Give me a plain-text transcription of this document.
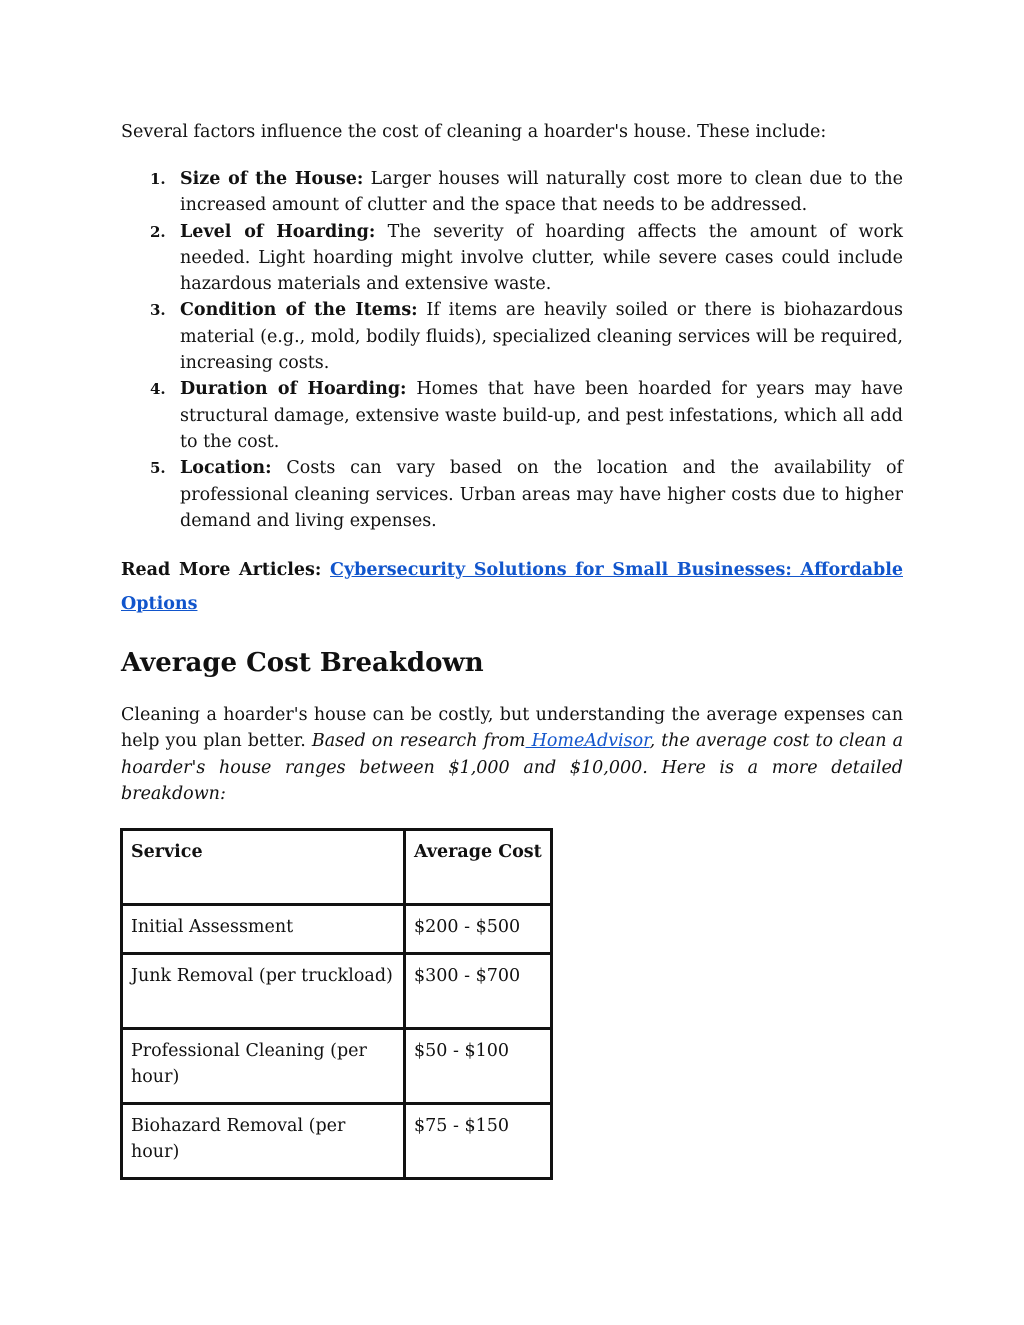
Several factors influence the cost of cleaning a hoarder's house. These include:

1. Size of the House: Larger houses will naturally cost more to clean due to the increased amount of clutter and the space that needs to be addressed.
2. Level of Hoarding: The severity of hoarding affects the amount of work needed. Light hoarding might involve clutter, while severe cases could include hazardous materials and extensive waste.
3. Condition of the Items: If items are heavily soiled or there is biohazardous material (e.g., mold, bodily fluids), specialized cleaning services will be required, increasing costs.
4. Duration of Hoarding: Homes that have been hoarded for years may have structural damage, extensive waste build-up, and pest infestations, which all add to the cost.
5. Location: Costs can vary based on the location and the availability of professional cleaning services. Urban areas may have higher costs due to higher demand and living expenses.

Read More Articles: Cybersecurity Solutions for Small Businesses: Affordable Options

Average Cost Breakdown

Cleaning a hoarder's house can be costly, but understanding the average expenses can help you plan better. Based on research from HomeAdvisor, the average cost to clean a hoarder's house ranges between $1,000 and $10,000. Here is a more detailed breakdown:

Service	Average Cost
Initial Assessment	$200 - $500
Junk Removal (per truckload)	$300 - $700
Professional Cleaning (per hour)	$50 - $100
Biohazard Removal (per hour)	$75 - $150
